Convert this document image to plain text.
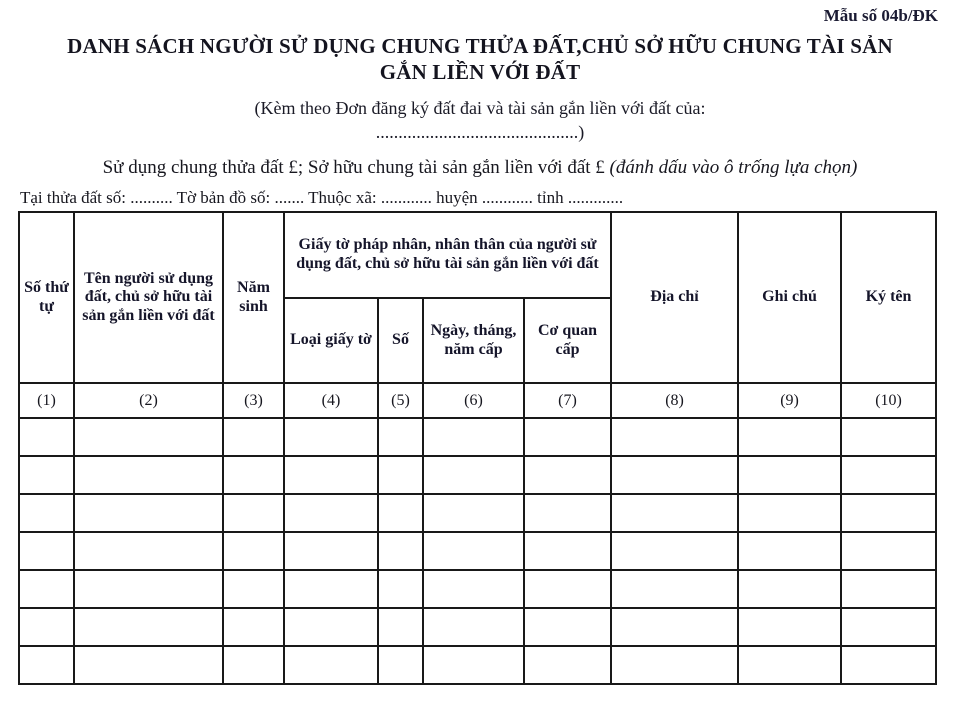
Mẫu số 04b/ĐK
DANH SÁCH NGƯỜI SỬ DỤNG CHUNG THỬA ĐẤT,CHỦ SỞ HỮU CHUNG TÀI SẢN
GẮN LIỀN VỚI ĐẤT
(Kèm theo Đơn đăng ký đất đai và tài sản gắn liền với đất của:
.............................................)
Sử dụng chung thửa đất £; Sở hữu chung tài sản gắn liền với đất £ (đánh dấu vào ô trống lựa chọn)
Tại thửa đất số: .......... Tờ bản đồ số: ....... Thuộc xã: ............ huyện ............ tỉnh .............
Số thứ tự	Tên người sử dụng đất, chủ sở hữu tài sản gắn liền với đất	Năm sinh	Giấy tờ pháp nhân, nhân thân của người sử dụng đất, chủ sở hữu tài sản gắn liền với đất				Địa chỉ	Ghi chú	Ký tên
			Loại giấy tờ	Số	Ngày, tháng, năm cấp	Cơ quan cấp			
(1)	(2)	(3)	(4)	(5)	(6)	(7)	(8)	(9)	(10)
